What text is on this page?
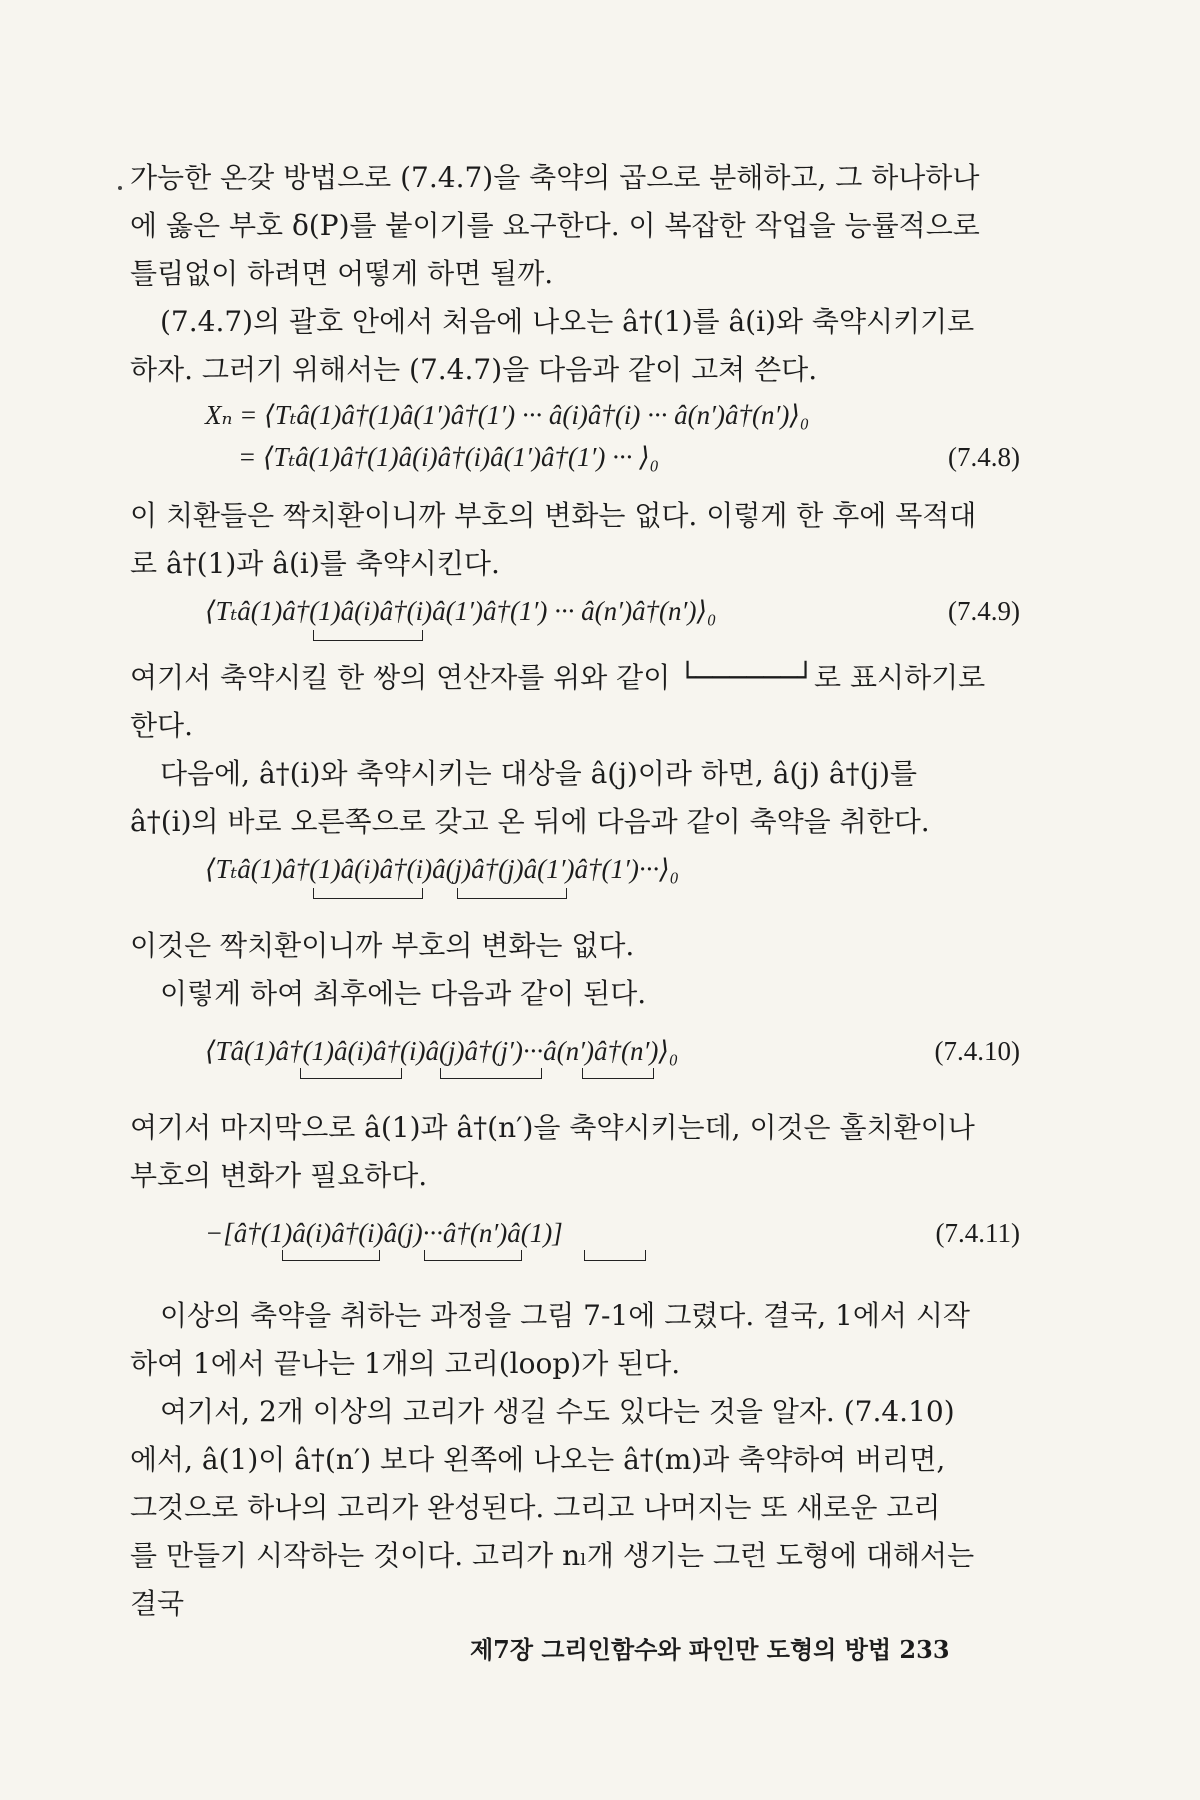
가능한 온갖 방법으로 (7.4.7)을 축약의 곱으로 분해하고, 그 하나하나
에 옳은 부호 δ(P)를 붙이기를 요구한다. 이 복잡한 작업을 능률적으로
틀림없이 하려면 어떻게 하면 될까.
(7.4.7)의 괄호 안에서 처음에 나오는 â†(1)를 â(i)와 축약시키기로
하자. 그러기 위해서는 (7.4.7)을 다음과 같이 고쳐 쓴다.
Xₙ = ⟨Tₜâ(1)â†(1)â(1′)â†(1′) ··· â(i)â†(i) ··· â(n′)â†(n′)⟩₀
= ⟨Tₜâ(1)â†(1)â(i)â†(i)â(1′)â†(1′) ··· ⟩₀	(7.4.8)
이 치환들은 짝치환이니까 부호의 변화는 없다. 이렇게 한 후에 목적대
로 â†(1)과 â(i)를 축약시킨다.
⟨Tₜâ(1)â†(1)â(i)â†(i)â(1′)â†(1′) ··· â(n′)â†(n′)⟩₀	(7.4.9)
여기서 축약시킬 한 쌍의 연산자를 위와 같이 └──────┘로 표시하기로
한다.
다음에, â†(i)와 축약시키는 대상을 â(j)이라 하면, â(j) â†(j)를
â†(i)의 바로 오른쪽으로 갖고 온 뒤에 다음과 같이 축약을 취한다.
⟨Tₜâ(1)â†(1)â(i)â†(i)â(j)â†(j)â(1′)â†(1′)···⟩₀
이것은 짝치환이니까 부호의 변화는 없다.
이렇게 하여 최후에는 다음과 같이 된다.
⟨Tâ(1)â†(1)â(i)â†(i)â(j)â†(j′)···â(n′)â†(n′)⟩₀	(7.4.10)
여기서 마지막으로 â(1)과 â†(n′)을 축약시키는데, 이것은 홀치환이나
부호의 변화가 필요하다.
−[â†(1)â(i)â†(i)â(j)···â†(n′)â(1)]	(7.4.11)
이상의 축약을 취하는 과정을 그림 7-1에 그렸다. 결국, 1에서 시작
하여 1에서 끝나는 1개의 고리(loop)가 된다.
여기서, 2개 이상의 고리가 생길 수도 있다는 것을 알자. (7.4.10)
에서, â(1)이 â†(n′) 보다 왼쪽에 나오는 â†(m)과 축약하여 버리면,
그것으로 하나의 고리가 완성된다. 그리고 나머지는 또 새로운 고리
를 만들기 시작하는 것이다. 고리가 nₗ개 생기는 그런 도형에 대해서는
결국
제7장 그리인함수와 파인만 도형의 방법 233
